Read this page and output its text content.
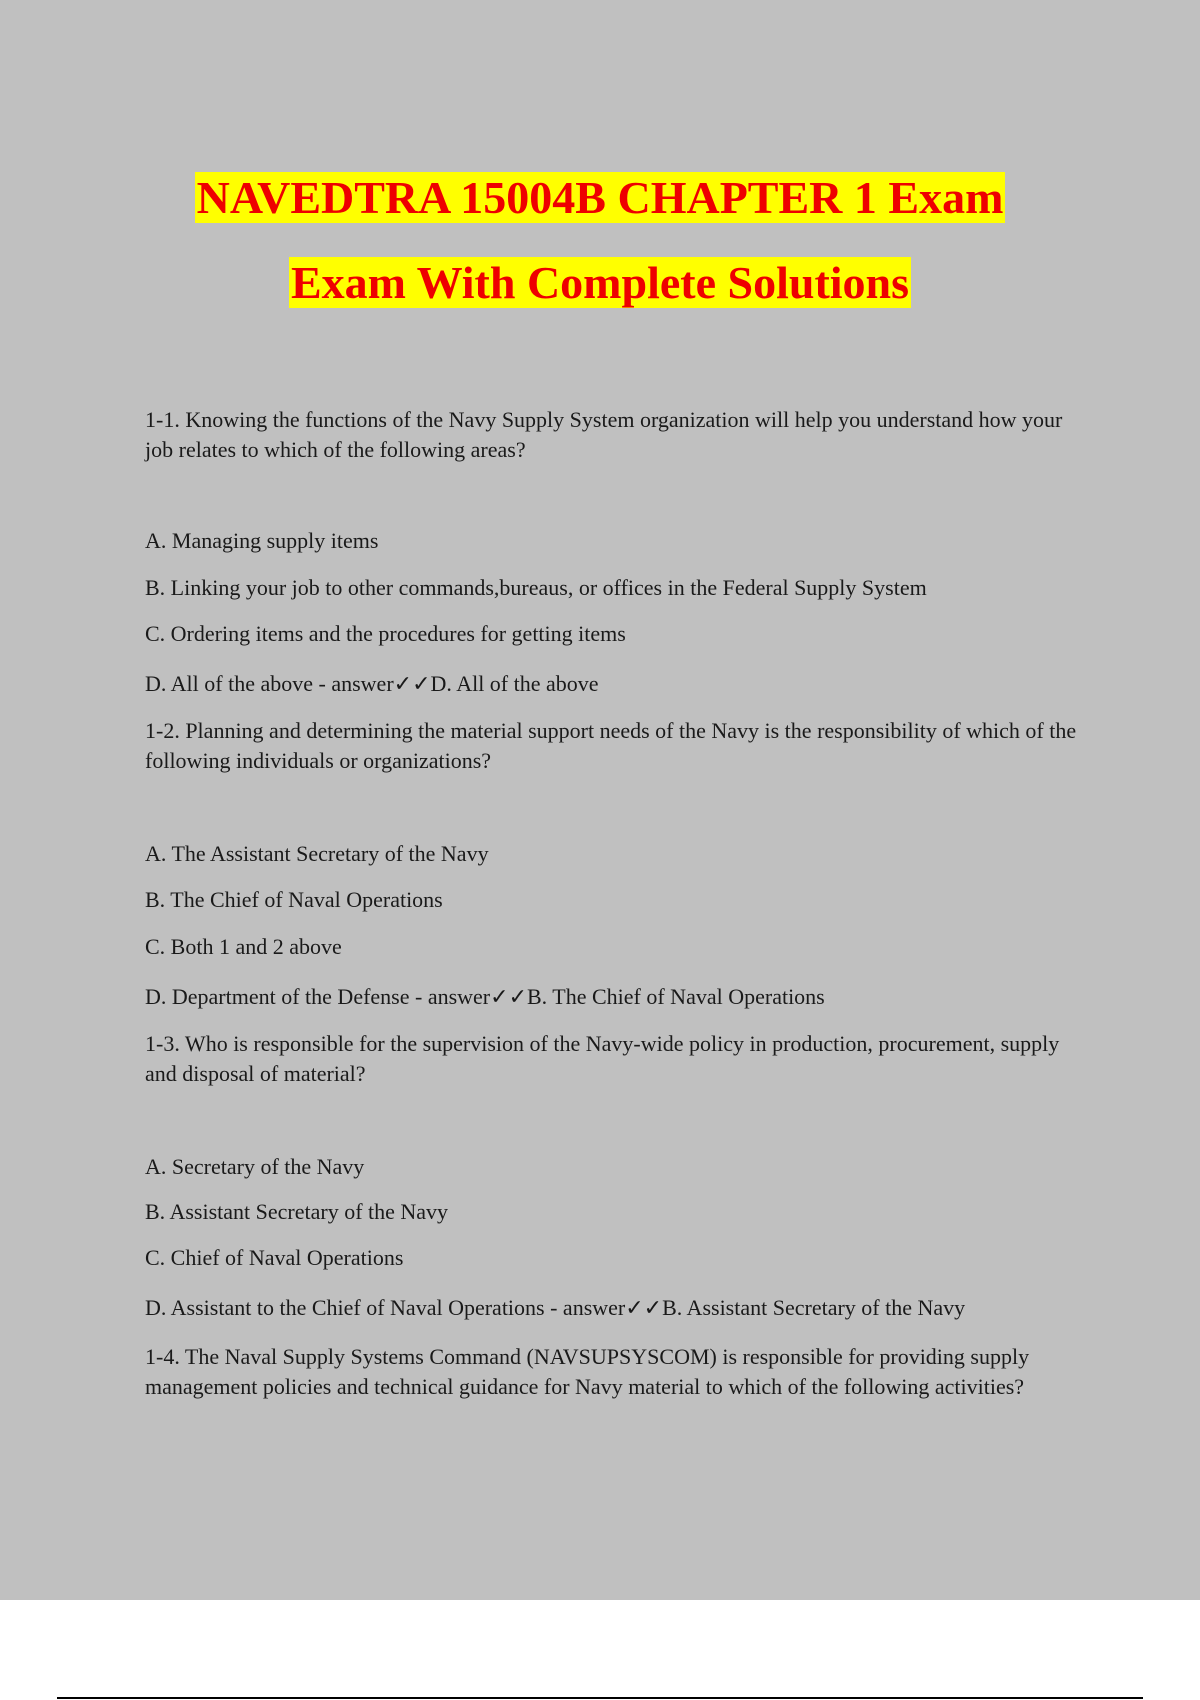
NAVEDTRA 15004B CHAPTER 1 Exam
Exam With Complete Solutions
1-1. Knowing the functions of the Navy Supply System organization will help you understand how your job relates to which of the following areas?
A. Managing supply items
B. Linking your job to other commands,bureaus, or offices in the Federal Supply System
C. Ordering items and the procedures for getting items
D. All of the above - answer✓✓D. All of the above
1-2. Planning and determining the material support needs of the Navy is the responsibility of which of the following individuals or organizations?
A. The Assistant Secretary of the Navy
B. The Chief of Naval Operations
C. Both 1 and 2 above
D. Department of the Defense - answer✓✓B. The Chief of Naval Operations
1-3. Who is responsible for the supervision of the Navy-wide policy in production, procurement, supply and disposal of material?
A. Secretary of the Navy
B. Assistant Secretary of the Navy
C. Chief of Naval Operations
D. Assistant to the Chief of Naval Operations - answer✓✓B. Assistant Secretary of the Navy
1-4. The Naval Supply Systems Command (NAVSUPSYSCOM) is responsible for providing supply management policies and technical guidance for Navy material to which of the following activities?
